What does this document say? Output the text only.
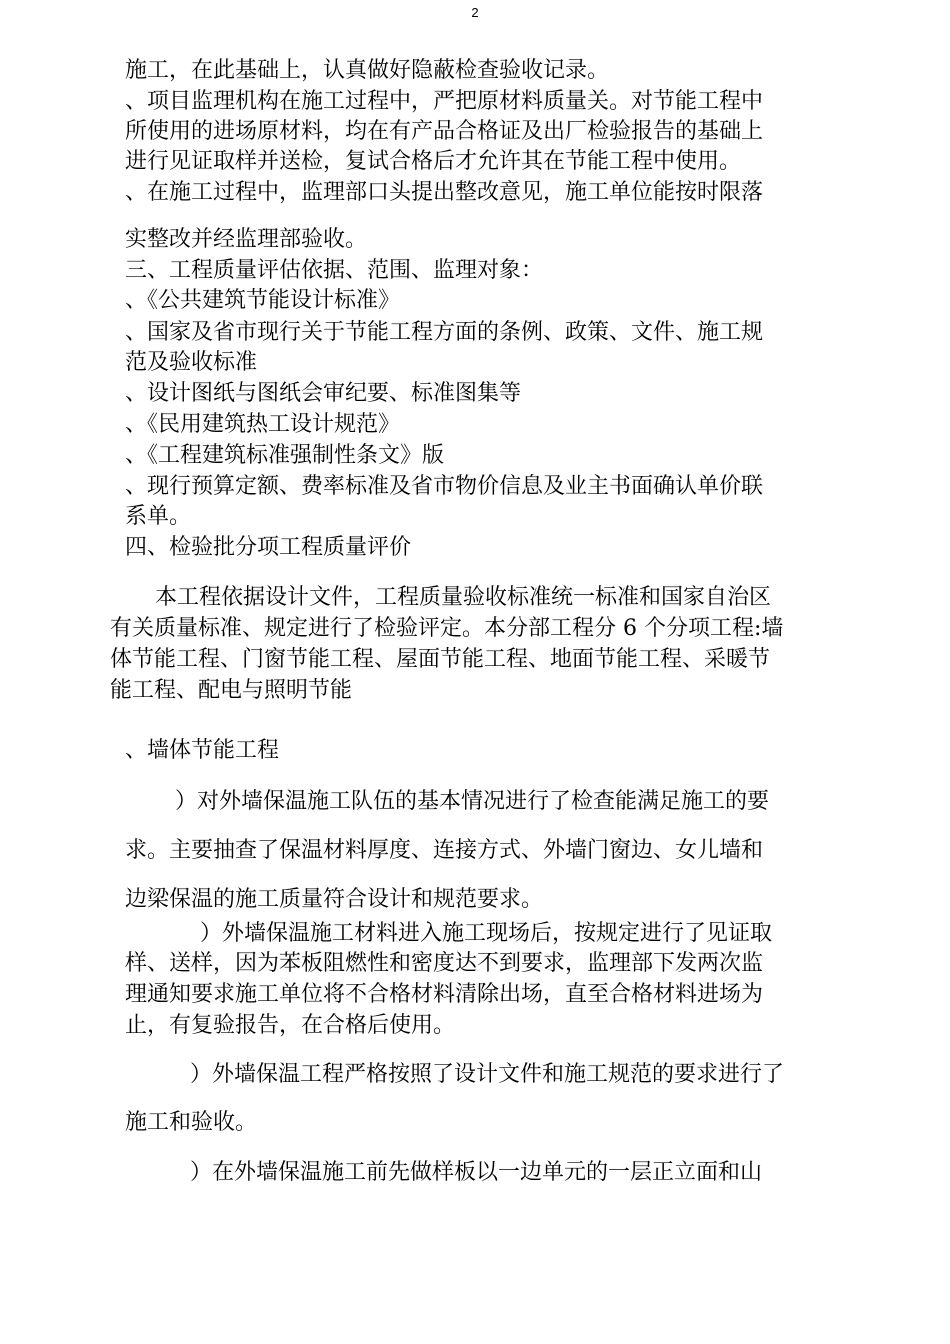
2
施工，在此基础上，认真做好隐蔽检查验收记录。
、项目监理机构在施工过程中，严把原材料质量关。对节能工程中
所使用的进场原材料，均在有产品合格证及出厂检验报告的基础上
进行见证取样并送检，复试合格后才允许其在节能工程中使用。
、在施工过程中，监理部口头提出整改意见，施工单位能按时限落
实整改并经监理部验收。
三、工程质量评估依据、范围、监理对象：
、《公共建筑节能设计标准》
、国家及省市现行关于节能工程方面的条例、政策、文件、施工规
范及验收标准
、设计图纸与图纸会审纪要、标准图集等
、《民用建筑热工设计规范》
、《工程建筑标准强制性条文》版
、现行预算定额、费率标准及省市物价信息及业主书面确认单价联
系单。
四、检验批分项工程质量评价
本工程依据设计文件，工程质量验收标准统一标准和国家自治区
有关质量标准、规定进行了检验评定。本分部工程分 6 个分项工程:墙
体节能工程、门窗节能工程、屋面节能工程、地面节能工程、采暖节
能工程、配电与照明节能
、墙体节能工程
）对外墙保温施工队伍的基本情况进行了检查能满足施工的要
求。主要抽查了保温材料厚度、连接方式、外墙门窗边、女儿墙和
边梁保温的施工质量符合设计和规范要求。
）外墙保温施工材料进入施工现场后，按规定进行了见证取
样、送样，因为苯板阻燃性和密度达不到要求，监理部下发两次监
理通知要求施工单位将不合格材料清除出场，直至合格材料进场为
止，有复验报告，在合格后使用。
）外墙保温工程严格按照了设计文件和施工规范的要求进行了
施工和验收。
）在外墙保温施工前先做样板以一边单元的一层正立面和山
